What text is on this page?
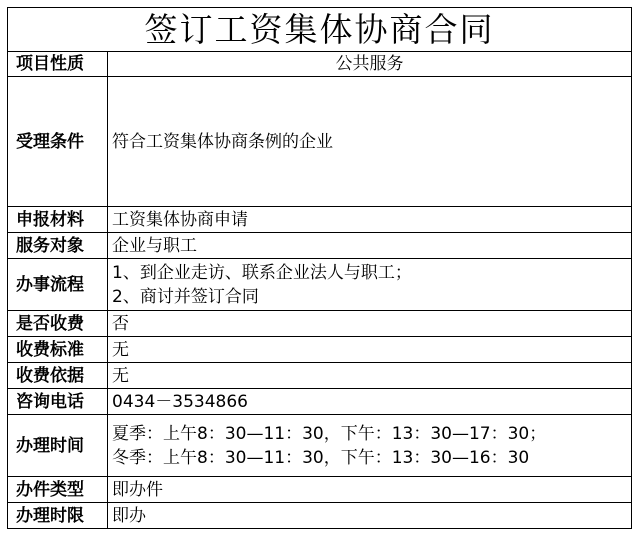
签订工资集体协商合同	
项目性质	公共服务
受理条件	符合工资集体协商条例的企业
申报材料	工资集体协商申请
服务对象	企业与职工
办事流程	1、到企业走访、联系企业法人与职工；
2、商讨并签订合同

是否收费	否
收费标准	无
收费依据	无
咨询电话	0434－3534866
办理时间	夏季：上午8：30—11：30，下午：13：30—17：30；
冬季：上午8：30—11：30，下午：13：30—16：30

办件类型	即办件
办理时限	即办
